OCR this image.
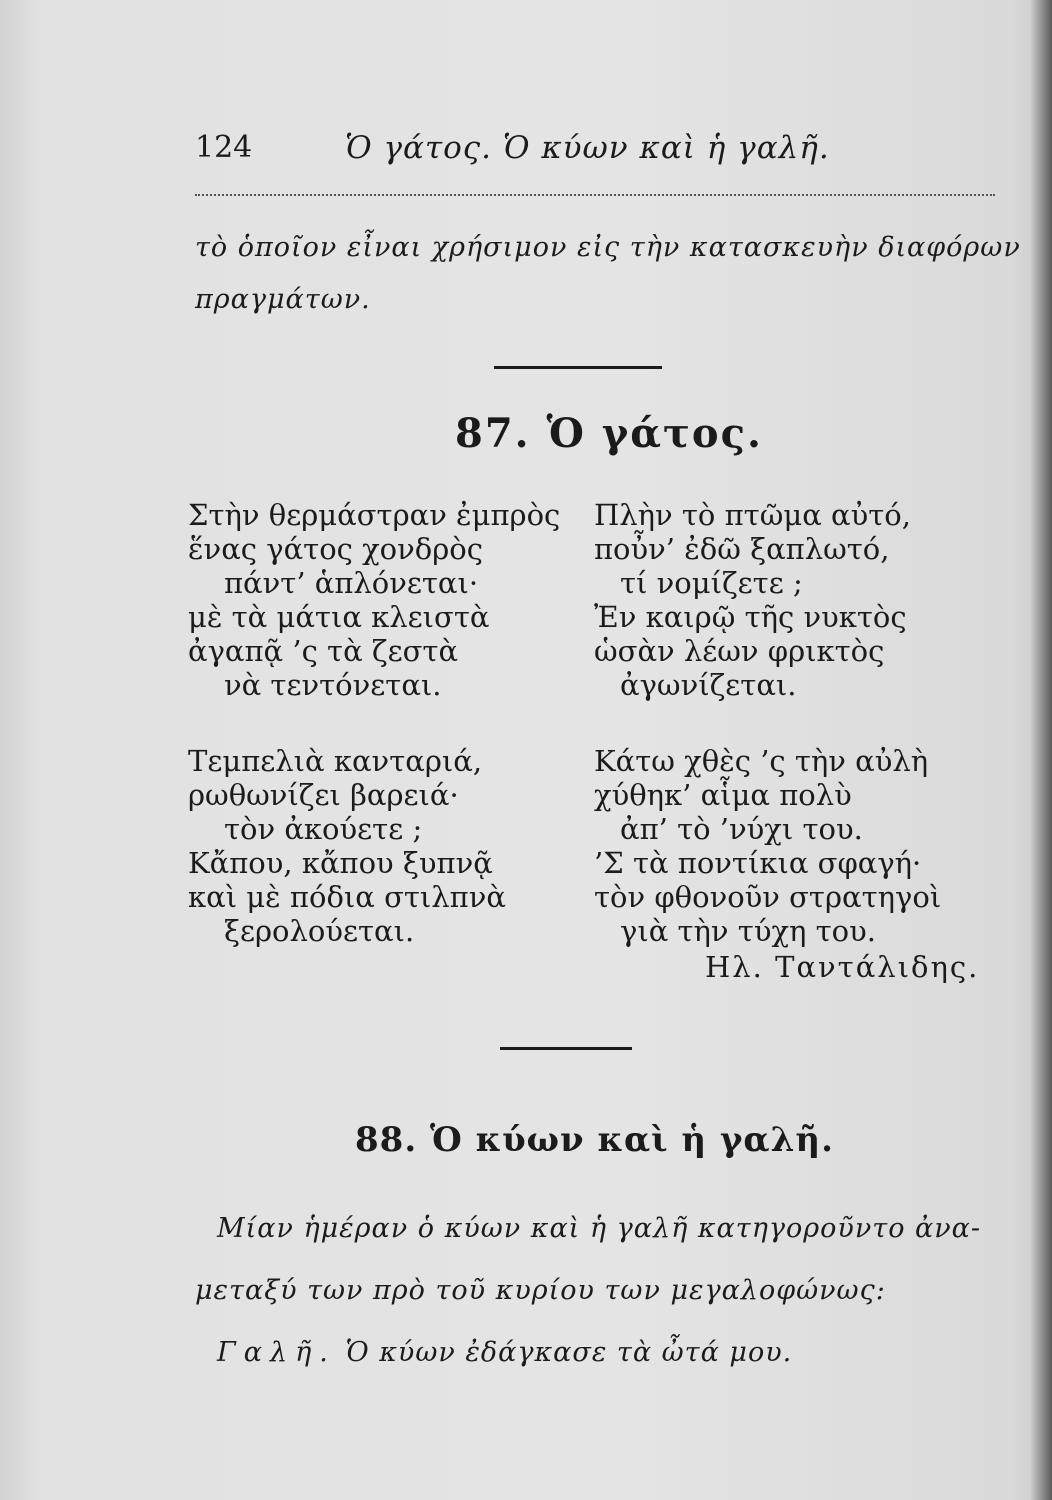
124	Ὁ γάτος. Ὁ κύων καὶ ἡ γαλῆ.

τὸ ὁποῖον εἶναι χρήσιμον εἰς τὴν κατασκευὴν διαφόρων

πραγμάτων.

87. Ὁ γάτος.
Στὴν θερμάστραν ἐμπρὸς
ἕνας γάτος χονδρὸς
πάντ’ ἁπλόνεται·
μὲ τὰ μάτια κλειστὰ
ἀγαπᾷ ’ς τὰ ζεστὰ
νὰ τεντόνεται.
Τεμπελιὰ κανταριά,
ρωθωνίζει βαρειά·
τὸν ἀκούετε ;
Κἄπου, κἄπου ξυπνᾷ
καὶ μὲ πόδια στιλπνὰ
ξερολούεται.
Πλὴν τὸ πτῶμα αὐτό,
ποὖν’ ἐδῶ ξαπλωτό,
τί νομίζετε ;
Ἐν καιρῷ τῆς νυκτὸς
ὡσὰν λέων φρικτὸς
ἀγωνίζεται.
Κάτω χθὲς ’ς τὴν αὐλὴ
χύθηκ’ αἷμα πολὺ
ἀπ’ τὸ ’νύχι του.
’Σ τὰ ποντίκια σφαγή·
τὸν φθονοῦν στρατηγοὶ
γιὰ τὴν τύχη του.
Ηλ. Ταντάλιδης.
88. Ὁ κύων καὶ ἡ γαλῆ.

Μίαν ἡμέραν ὁ κύων καὶ ἡ γαλῆ κατηγοροῦντο ἀνα-

μεταξύ των πρὸ τοῦ κυρίου των μεγαλοφώνως:

Γαλῆ. Ὁ κύων ἐδάγκασε τὰ ὦτά μου.
